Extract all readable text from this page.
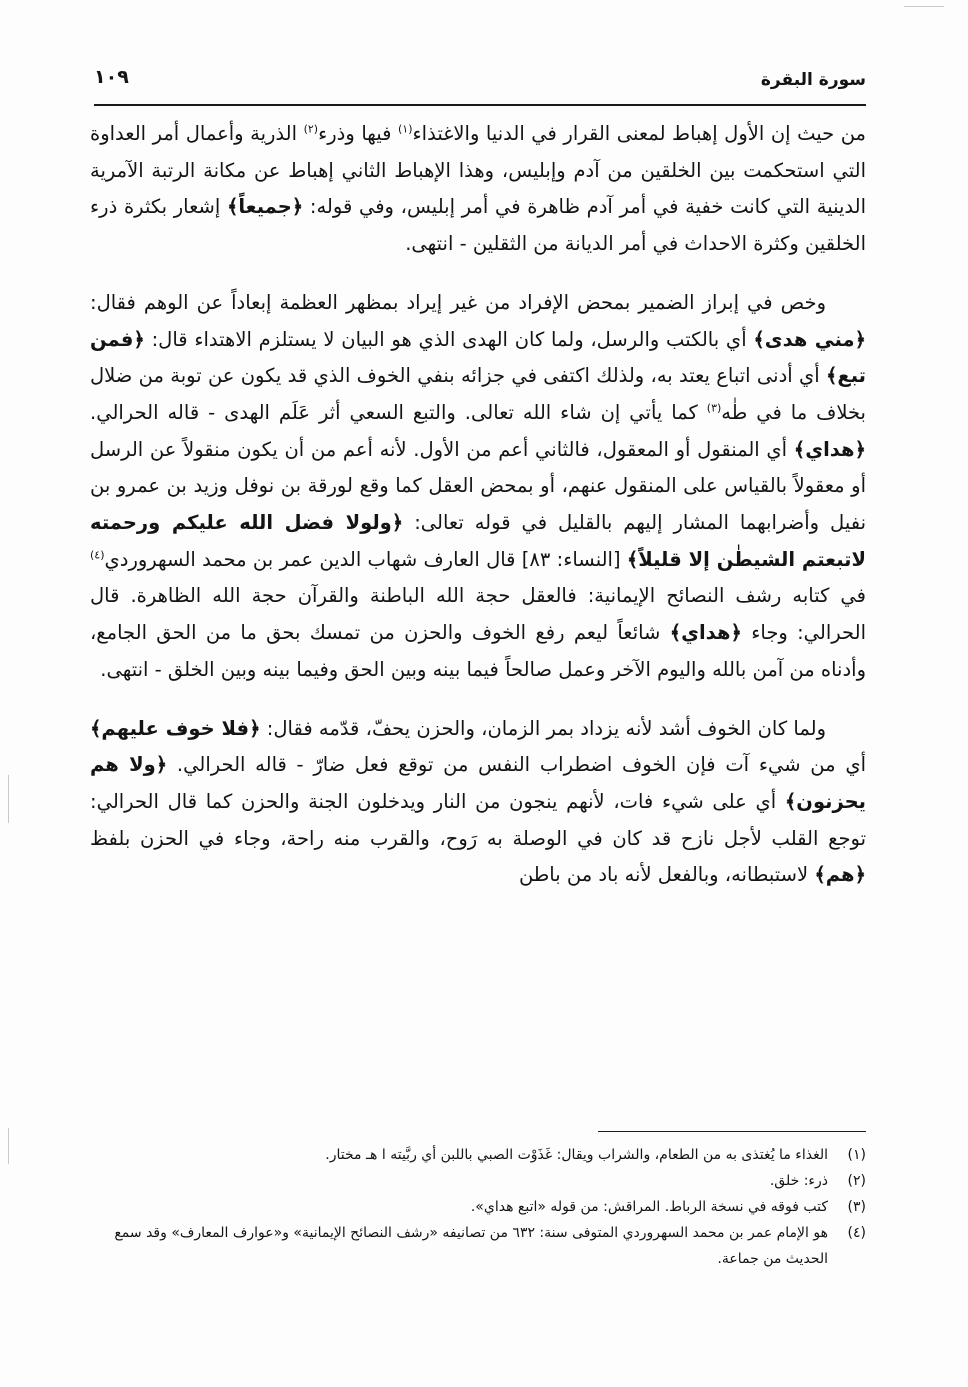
سورة البقرة
١٠٩

من حيث إن الأول إهباط لمعنى القرار في الدنيا والاغتذاء$^{(١)}$ فيها وذرء$^{(٢)}$ الذرية وأعمال أمر العداوة التي استحكمت بين الخلقين من آدم وإبليس، وهذا الإهباط الثاني إهباط عن مكانة الرتبة الآمرية الدينية التي كانت خفية في أمر آدم ظاهرة في أمر إبليس، وفي قوله: ﴿جميعاً﴾ إشعار بكثرة ذرء الخلقين وكثرة الاحداث في أمر الديانة من الثقلين - انتهى.

وخص في إبراز الضمير بمحض الإفراد من غير إيراد بمظهر العظمة إبعاداً عن الوهم فقال: ﴿مني هدى﴾ أي بالكتب والرسل، ولما كان الهدى الذي هو البيان لا يستلزم الاهتداء قال: ﴿فمن تبع﴾ أي أدنى اتباع يعتد به، ولذلك اكتفى في جزائه بنفي الخوف الذي قد يكون عن توبة من ضلال بخلاف ما في طٰه$^{(٣)}$ كما يأتي إن شاء الله تعالى. والتبع السعي أثر عَلَم الهدى - قاله الحرالي. ﴿هداي﴾ أي المنقول أو المعقول، فالثاني أعم من الأول. لأنه أعم من أن يكون منقولاً عن الرسل أو معقولاً بالقياس على المنقول عنهم، أو بمحض العقل كما وقع لورقة بن نوفل وزيد بن عمرو بن نفيل وأضرابهما المشار إليهم بالقليل في قوله تعالى: ﴿ولولا فضل الله عليكم ورحمته لاتبعتم الشيطٰن إلا قليلاً﴾ [النساء: ٨٣] قال العارف شهاب الدين عمر بن محمد السهروردي$^{(٤)}$ في كتابه رشف النصائح الإيمانية: فالعقل حجة الله الباطنة والقرآن حجة الله الظاهرة. قال الحرالي: وجاء ﴿هداي﴾ شائعاً ليعم رفع الخوف والحزن من تمسك بحق ما من الحق الجامع، وأدناه من آمن بالله واليوم الآخر وعمل صالحاً فيما بينه وبين الحق وفيما بينه وبين الخلق - انتهى.

ولما كان الخوف أشد لأنه يزداد بمر الزمان، والحزن يحفّ، قدّمه فقال: ﴿فلا خوف عليهم﴾ أي من شيء آت فإن الخوف اضطراب النفس من توقع فعل ضارّ - قاله الحرالي. ﴿ولا هم يحزنون﴾ أي على شيء فات، لأنهم ينجون من النار ويدخلون الجنة والحزن كما قال الحرالي: توجع القلب لأجل نازح قد كان في الوصلة به رَوح، والقرب منه راحة، وجاء في الحزن بلفظ ﴿هم﴾ لاستبطانه، وبالفعل لأنه باد من باطن

(١)
الغذاء ما يُغتذى به من الطعام، والشراب ويقال: غَذَوْت الصبي باللبن أي ربَّيته ا هـ مختار.
(٢)
ذرء: خلق.
(٣)
كتب فوقه في نسخة الرباط. المراقش: من قوله «اتبع هداي».
(٤)
هو الإمام عمر بن محمد السهروردي المتوفى سنة: ٦٣٢ من تصانيفه «رشف النصائح الإيمانية» و«عوارف المعارف» وقد سمع الحديث من جماعة.
